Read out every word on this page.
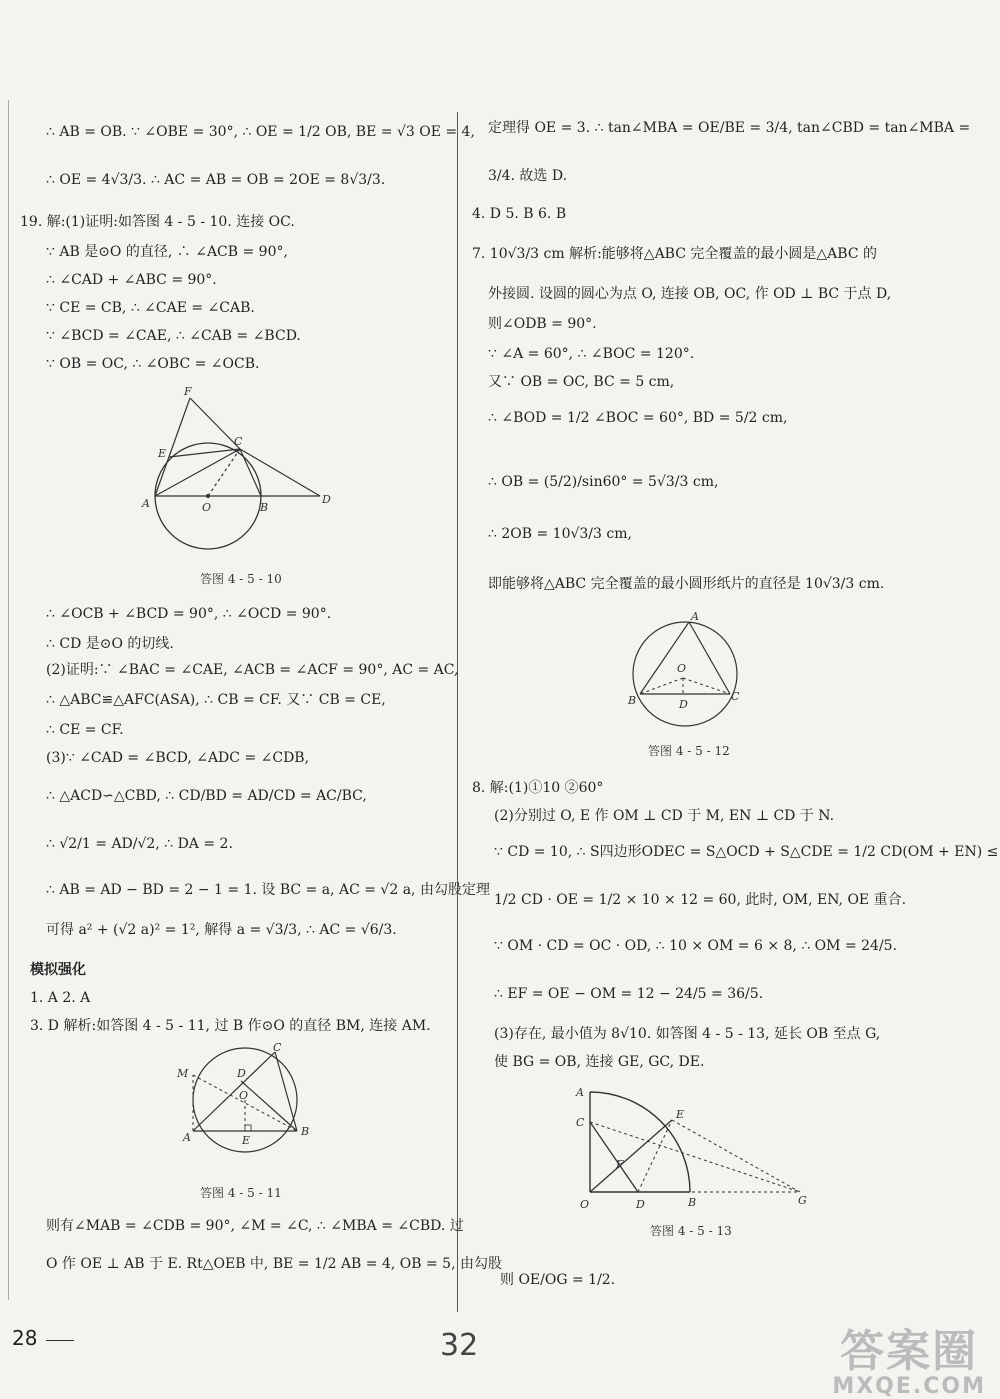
∴ AB = OB. ∵ ∠OBE = 30°, ∴ OE = 1/2 OB, BE = √3 OE = 4,
∴ OE = 4√3/3. ∴ AC = AB = OB = 2OE = 8√3/3.
19. 解:(1)证明:如答图 4 - 5 - 10. 连接 OC.
∵ AB 是⊙O 的直径, ∴ ∠ACB = 90°,
∴ ∠CAD + ∠ABC = 90°.
∵ CE = CB, ∴ ∠CAE = ∠CAB.
∵ ∠BCD = ∠CAE, ∴ ∠CAB = ∠BCD.
∵ OB = OC, ∴ ∠OBC = ∠OCB.
F
E
C
A	O	B
D
答图 4 - 5 - 10
∴ ∠OCB + ∠BCD = 90°, ∴ ∠OCD = 90°.
∴ CD 是⊙O 的切线.
(2)证明:∵ ∠BAC = ∠CAE, ∠ACB = ∠ACF = 90°, AC = AC,
∴ △ABC≌△AFC(ASA), ∴ CB = CF. 又∵ CB = CE,
∴ CE = CF.
(3)∵ ∠CAD = ∠BCD, ∠ADC = ∠CDB,
∴ △ACD∽△CBD, ∴ CD/BD = AD/CD = AC/BC,
∴ √2/1 = AD/√2, ∴ DA = 2.
∴ AB = AD − BD = 2 − 1 = 1. 设 BC = a, AC = √2 a, 由勾股定理
可得 a² + (√2 a)² = 1², 解得 a = √3/3, ∴ AC = √6/3.
模拟强化
1. A 2. A
3. D 解析:如答图 4 - 5 - 11, 过 B 作⊙O 的直径 BM, 连接 AM.
M
C
D
O
A	E
B
答图 4 - 5 - 11
则有∠MAB = ∠CDB = 90°, ∠M = ∠C, ∴ ∠MBA = ∠CBD. 过
O 作 OE ⊥ AB 于 E. Rt△OEB 中, BE = 1/2 AB = 4, OB = 5, 由勾股
定理得 OE = 3. ∴ tan∠MBA = OE/BE = 3/4, tan∠CBD = tan∠MBA =
3/4. 故选 D.
4. D 5. B 6. B
7. 10√3/3 cm 解析:能够将△ABC 完全覆盖的最小圆是△ABC 的
外接圆. 设圆的圆心为点 O, 连接 OB, OC, 作 OD ⊥ BC 于点 D,
则∠ODB = 90°.
∵ ∠A = 60°, ∴ ∠BOC = 120°.
又∵ OB = OC, BC = 5 cm,
∴ ∠BOD = 1/2 ∠BOC = 60°, BD = 5/2 cm,
∴ OB = (5/2)/sin60° = 5√3/3 cm,
∴ 2OB = 10√3/3 cm,
即能够将△ABC 完全覆盖的最小圆形纸片的直径是 10√3/3 cm.
A
O
B	D
C
答图 4 - 5 - 12
8. 解:(1)①10 ②60°
(2)分别过 O, E 作 OM ⊥ CD 于 M, EN ⊥ CD 于 N.
∵ CD = 10, ∴ S四边形ODEC = S△OCD + S△CDE = 1/2 CD(OM + EN) ≤
1/2 CD · OE = 1/2 × 10 × 12 = 60, 此时, OM, EN, OE 重合.
∵ OM · CD = OC · OD, ∴ 10 × OM = 6 × 8, ∴ OM = 24/5.
∴ EF = OE − OM = 12 − 24/5 = 36/5.
(3)存在, 最小值为 8√10. 如答图 4 - 5 - 13, 延长 OB 至点 G,
使 BG = OB, 连接 GE, GC, DE.
A
C
E
F
O	D	B	G
答图 4 - 5 - 13
则 OE/OG = 1/2.
28	32	答案圈
MXQE.COM
